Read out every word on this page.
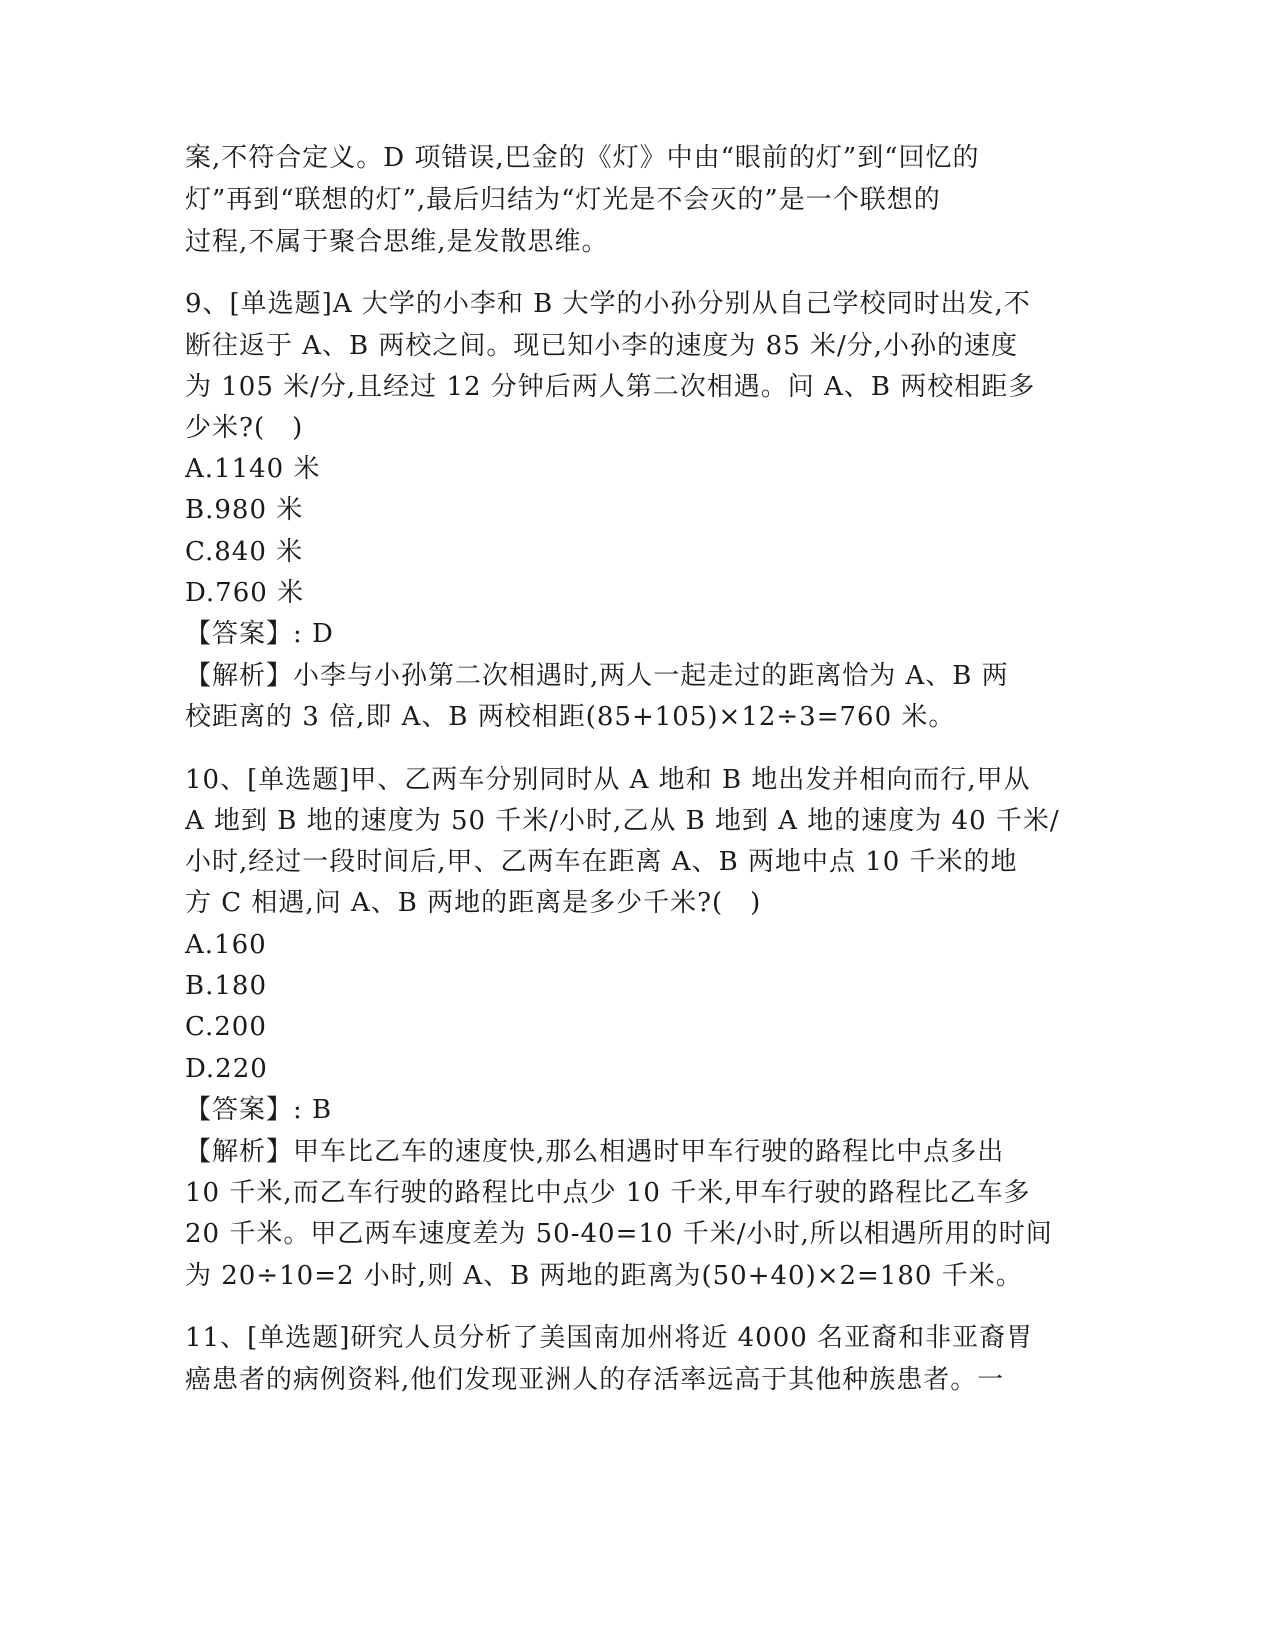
案,不符合定义。D 项错误,巴金的《灯》中由“眼前的灯”到“回忆的
灯”再到“联想的灯”,最后归结为“灯光是不会灭的”是一个联想的
过程,不属于聚合思维,是发散思维。
9、[单选题]A 大学的小李和 B 大学的小孙分别从自己学校同时出发,不
断往返于 A、B 两校之间。现已知小李的速度为 85 米/分,小孙的速度
为 105 米/分,且经过 12 分钟后两人第二次相遇。问 A、B 两校相距多
少米?(　)
A.1140 米
B.980 米
C.840 米
D.760 米
【答案】: D
【解析】小李与小孙第二次相遇时,两人一起走过的距离恰为 A、B 两
校距离的 3 倍,即 A、B 两校相距(85+105)×12÷3=760 米。
10、[单选题]甲、乙两车分别同时从 A 地和 B 地出发并相向而行,甲从
A 地到 B 地的速度为 50 千米/小时,乙从 B 地到 A 地的速度为 40 千米/
小时,经过一段时间后,甲、乙两车在距离 A、B 两地中点 10 千米的地
方 C 相遇,问 A、B 两地的距离是多少千米?(　)
A.160
B.180
C.200
D.220
【答案】: B
【解析】甲车比乙车的速度快,那么相遇时甲车行驶的路程比中点多出
10 千米,而乙车行驶的路程比中点少 10 千米,甲车行驶的路程比乙车多
20 千米。甲乙两车速度差为 50-40=10 千米/小时,所以相遇所用的时间
为 20÷10=2 小时,则 A、B 两地的距离为(50+40)×2=180 千米。
11、[单选题]研究人员分析了美国南加州将近 4000 名亚裔和非亚裔胃
癌患者的病例资料,他们发现亚洲人的存活率远高于其他种族患者。一
